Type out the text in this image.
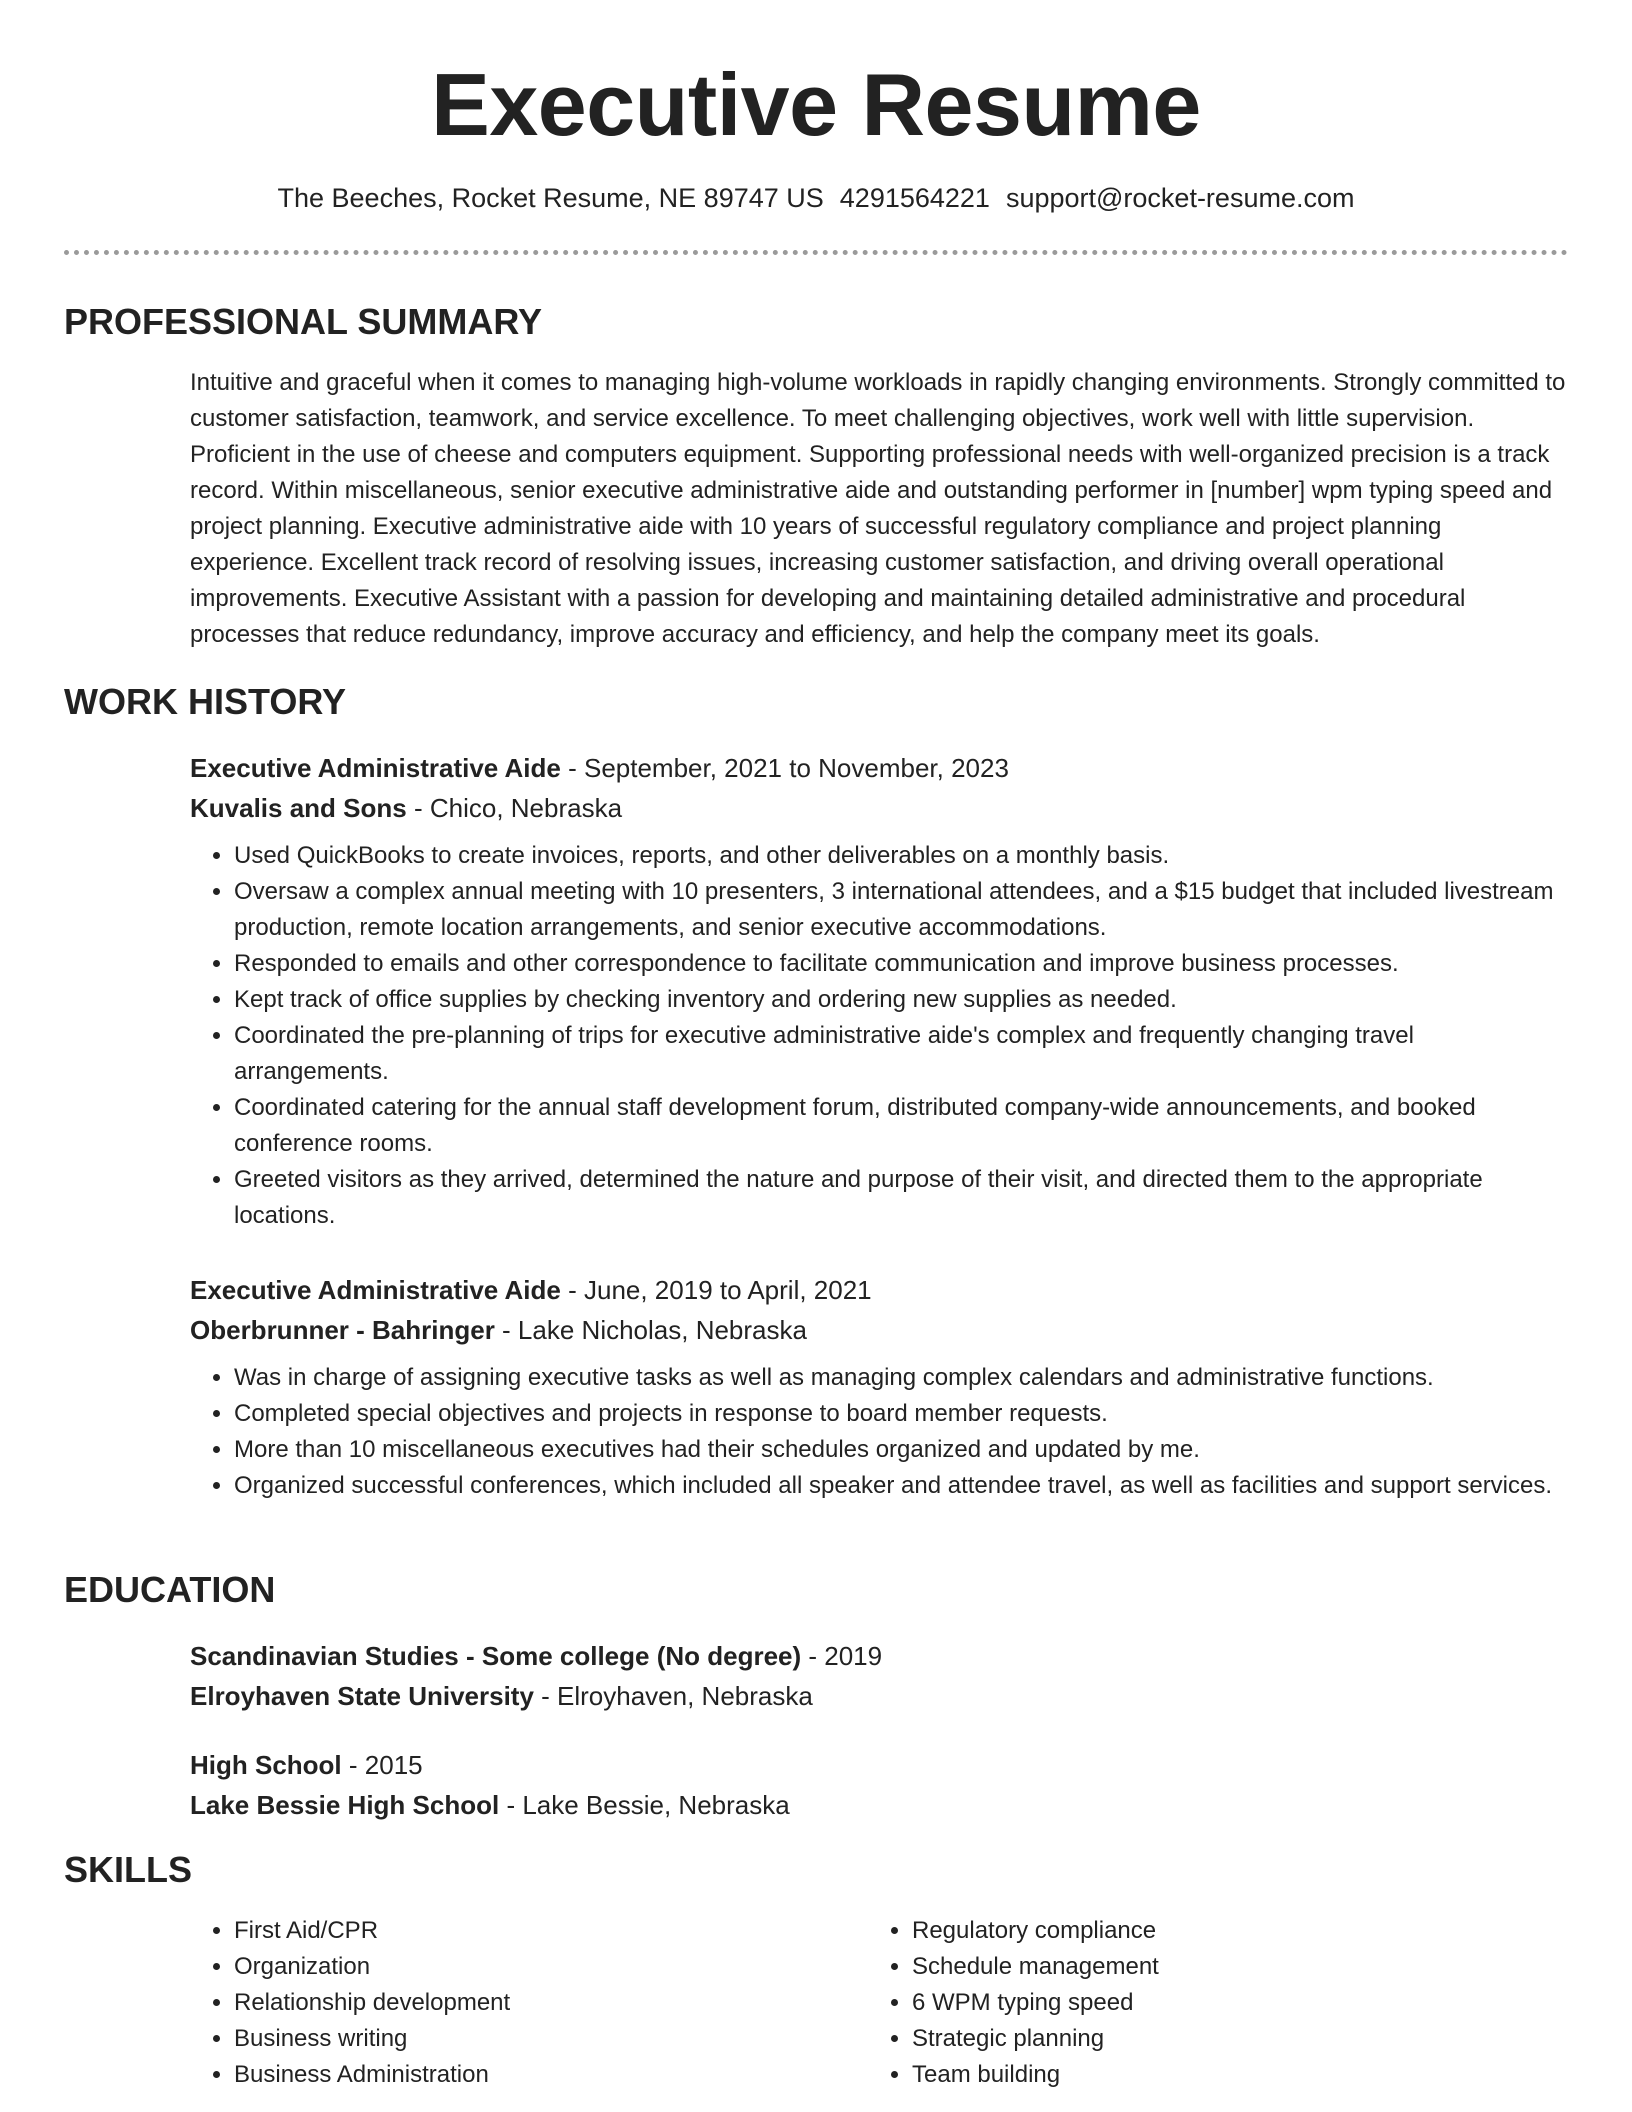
Executive Resume
The Beeches, Rocket Resume, NE 89747 US 4291564221 support@rocket-resume.com
PROFESSIONAL SUMMARY

Intuitive and graceful when it comes to managing high-volume workloads in rapidly changing environments. Strongly committed to customer satisfaction, teamwork, and service excellence. To meet challenging objectives, work well with little supervision. Proficient in the use of cheese and computers equipment. Supporting professional needs with well-organized precision is a track record. Within miscellaneous, senior executive administrative aide and outstanding performer in [number] wpm typing speed and project planning. Executive administrative aide with 10 years of successful regulatory compliance and project planning experience. Excellent track record of resolving issues, increasing customer satisfaction, and driving overall operational improvements. Executive Assistant with a passion for developing and maintaining detailed administrative and procedural processes that reduce redundancy, improve accuracy and efficiency, and help the company meet its goals.

WORK HISTORY

Executive Administrative Aide - September, 2021 to November, 2023

Kuvalis and Sons - Chico, Nebraska

• Used QuickBooks to create invoices, reports, and other deliverables on a monthly basis.
• Oversaw a complex annual meeting with 10 presenters, 3 international attendees, and a $15 budget that included livestream production, remote location arrangements, and senior executive accommodations.
• Responded to emails and other correspondence to facilitate communication and improve business processes.
• Kept track of office supplies by checking inventory and ordering new supplies as needed.
• Coordinated the pre-planning of trips for executive administrative aide's complex and frequently changing travel arrangements.
• Coordinated catering for the annual staff development forum, distributed company-wide announcements, and booked conference rooms.
• Greeted visitors as they arrived, determined the nature and purpose of their visit, and directed them to the appropriate locations.

Executive Administrative Aide - June, 2019 to April, 2021

Oberbrunner - Bahringer - Lake Nicholas, Nebraska

• Was in charge of assigning executive tasks as well as managing complex calendars and administrative functions.
• Completed special objectives and projects in response to board member requests.
• More than 10 miscellaneous executives had their schedules organized and updated by me.
• Organized successful conferences, which included all speaker and attendee travel, as well as facilities and support services.
EDUCATION

Scandinavian Studies - Some college (No degree) - 2019

Elroyhaven State University - Elroyhaven, Nebraska

High School - 2015

Lake Bessie High School - Lake Bessie, Nebraska

SKILLS
• First Aid/CPR
• Organization
• Relationship development
• Business writing
• Business Administration
• Regulatory compliance
• Schedule management
• 6 WPM typing speed
• Strategic planning
• Team building
